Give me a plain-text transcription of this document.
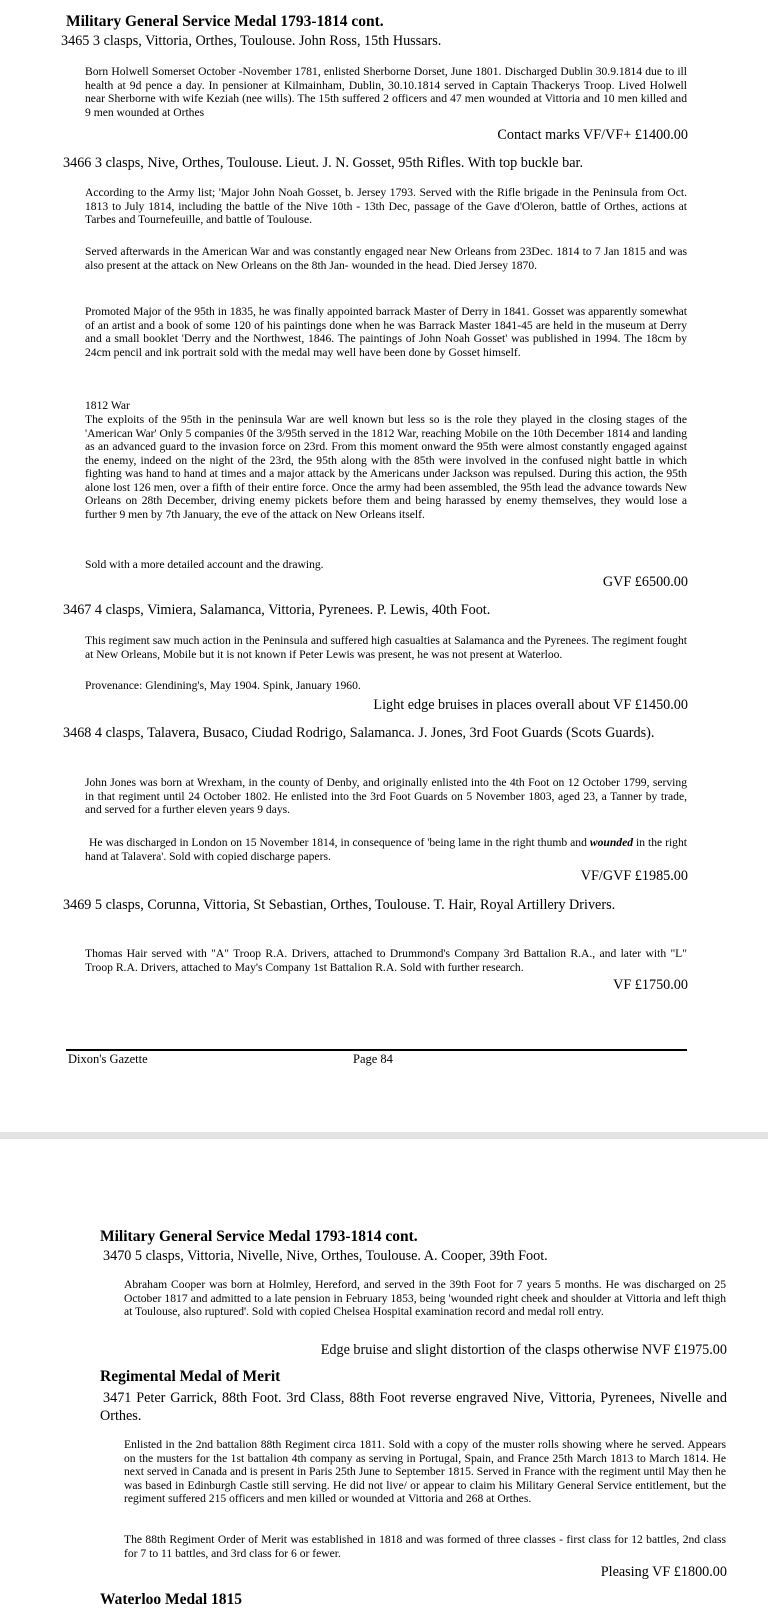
Military General Service Medal 1793-1814 cont.
3465 3 clasps, Vittoria, Orthes, Toulouse. John Ross, 15th Hussars.
Born Holwell Somerset October -November 1781, enlisted Sherborne Dorset, June 1801. Discharged Dublin 30.9.1814 due to ill health at 9d pence a day. In pensioner at Kilmainham, Dublin, 30.10.1814 served in Captain Thackerys Troop. Lived Holwell near Sherborne with wife Keziah (nee wills). The 15th suffered 2 officers and 47 men wounded at Vittoria and 10 men killed and 9 men wounded at Orthes
Contact marks VF/VF+ £1400.00
3466 3 clasps, Nive, Orthes, Toulouse. Lieut. J. N. Gosset, 95th Rifles. With top buckle bar.
According to the Army list; 'Major John Noah Gosset, b. Jersey 1793. Served with the Rifle brigade in the Peninsula from Oct. 1813 to July 1814, including the battle of the Nive 10th - 13th Dec, passage of the Gave d'Oleron, battle of Orthes, actions at Tarbes and Tournefeuille, and battle of Toulouse.
Served afterwards in the American War and was constantly engaged near New Orleans from 23Dec. 1814 to 7 Jan 1815 and was also present at the attack on New Orleans on the 8th Jan- wounded in the head. Died Jersey 1870.
Promoted Major of the 95th in 1835, he was finally appointed barrack Master of Derry in 1841. Gosset was apparently somewhat of an artist and a book of some 120 of his paintings done when he was Barrack Master 1841-45 are held in the museum at Derry and a small booklet 'Derry and the Northwest, 1846. The paintings of John Noah Gosset' was published in 1994. The 18cm by 24cm pencil and ink portrait sold with the medal may well have been done by Gosset himself.
1812 War
The exploits of the 95th in the peninsula War are well known but less so is the role they played in the closing stages of the 'American War' Only 5 companies 0f the 3/95th served in the 1812 War, reaching Mobile on the 10th December 1814 and landing as an advanced guard to the invasion force on 23rd. From this moment onward the 95th were almost constantly engaged against the enemy, indeed on the night of the 23rd, the 95th along with the 85th were involved in the confused night battle in which fighting was hand to hand at times and a major attack by the Americans under Jackson was repulsed. During this action, the 95th alone lost 126 men, over a fifth of their entire force. Once the army had been assembled, the 95th lead the advance towards New Orleans on 28th December, driving enemy pickets before them and being harassed by enemy themselves, they would lose a further 9 men by 7th January, the eve of the attack on New Orleans itself.
Sold with a more detailed account and the drawing.
GVF £6500.00
3467 4 clasps, Vimiera, Salamanca, Vittoria, Pyrenees. P. Lewis, 40th Foot.
This regiment saw much action in the Peninsula and suffered high casualties at Salamanca and the Pyrenees. The regiment fought at New Orleans, Mobile but it is not known if Peter Lewis was present, he was not present at Waterloo.
Provenance: Glendining's, May 1904. Spink, January 1960.
Light edge bruises in places overall about VF £1450.00
3468 4 clasps, Talavera, Busaco, Ciudad Rodrigo, Salamanca. J. Jones, 3rd Foot Guards (Scots Guards).
John Jones was born at Wrexham, in the county of Denby, and originally enlisted into the 4th Foot on 12 October 1799, serving in that regiment until 24 October 1802. He enlisted into the 3rd Foot Guards on 5 November 1803, aged 23, a Tanner by trade, and served for a further eleven years 9 days.
He was discharged in London on 15 November 1814, in consequence of 'being lame in the right thumb and wounded in the right hand at Talavera'. Sold with copied discharge papers.
VF/GVF £1985.00
3469 5 clasps, Corunna, Vittoria, St Sebastian, Orthes, Toulouse. T. Hair, Royal Artillery Drivers.
Thomas Hair served with "A" Troop R.A. Drivers, attached to Drummond's Company 3rd Battalion R.A., and later with "L" Troop R.A. Drivers, attached to May's Company 1st Battalion R.A. Sold with further research.
VF £1750.00
Dixon's Gazette	Page 84
Military General Service Medal 1793-1814 cont.
3470 5 clasps, Vittoria, Nivelle, Nive, Orthes, Toulouse. A. Cooper, 39th Foot.
Abraham Cooper was born at Holmley, Hereford, and served in the 39th Foot for 7 years 5 months. He was discharged on 25 October 1817 and admitted to a late pension in February 1853, being 'wounded right cheek and shoulder at Vittoria and left thigh at Toulouse, also ruptured'. Sold with copied Chelsea Hospital examination record and medal roll entry.
Edge bruise and slight distortion of the clasps otherwise NVF £1975.00
Regimental Medal of Merit
3471 Peter Garrick, 88th Foot. 3rd Class, 88th Foot reverse engraved Nive, Vittoria, Pyrenees, Nivelle and Orthes.
Enlisted in the 2nd battalion 88th Regiment circa 1811. Sold with a copy of the muster rolls showing where he served. Appears on the musters for the 1st battalion 4th company as serving in Portugal, Spain, and France 25th March 1813 to March 1814. He next served in Canada and is present in Paris 25th June to September 1815. Served in France with the regiment until May then he was based in Edinburgh Castle still serving. He did not live/ or appear to claim his Military General Service entitlement, but the regiment suffered 215 officers and men killed or wounded at Vittoria and 268 at Orthes.
The 88th Regiment Order of Merit was established in 1818 and was formed of three classes - first class for 12 battles, 2nd class for 7 to 11 battles, and 3rd class for 6 or fewer.
Pleasing VF £1800.00
Waterloo Medal 1815
